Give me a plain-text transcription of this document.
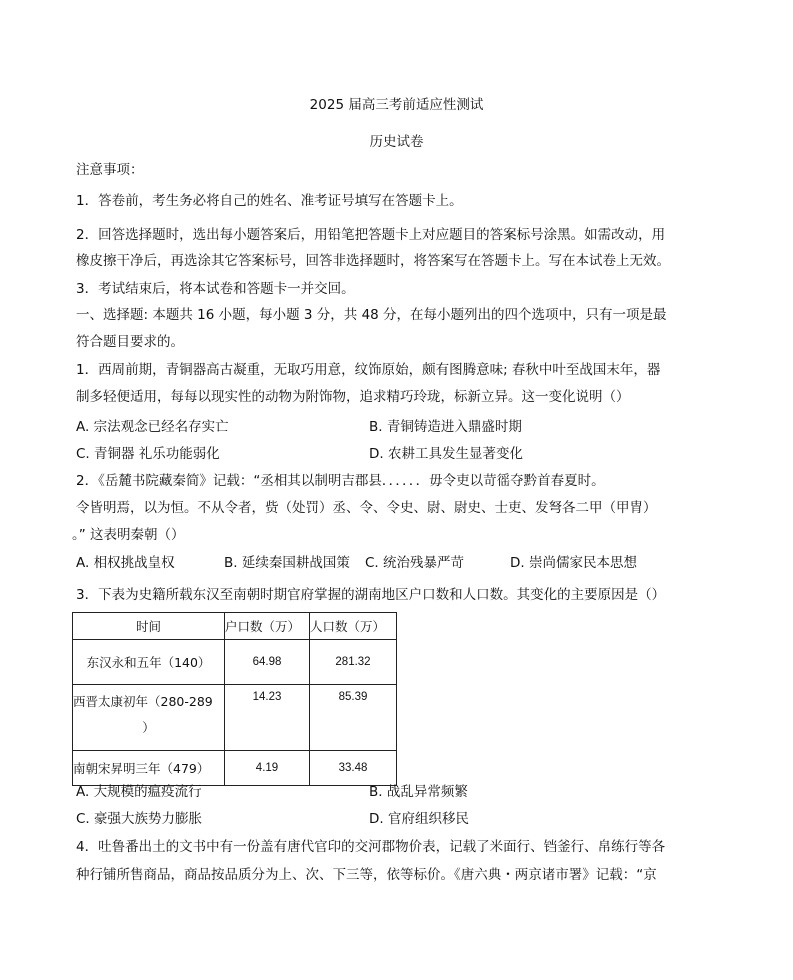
2025 届高三考前适应性测试
历史试卷
注意事项：
1．答卷前，考生务必将自己的姓名、准考证号填写在答题卡上。
2．回答选择题时，选出每小题答案后，用铅笔把答题卡上对应题目的答案标号涂黑。如需改动，用
橡皮擦干净后，再选涂其它答案标号，回答非选择题时，将答案写在答题卡上。写在本试卷上无效。
3．考试结束后，将本试卷和答题卡一并交回。
一、选择题: 本题共 16 小题，每小题 3 分，共 48 分，在每小题列出的四个选项中，只有一项是最
符合题目要求的。
1．西周前期，青铜器高古凝重，无取巧用意，纹饰原始，颇有图腾意味; 春秋中叶至战国末年，器
制多轻便适用，每每以现实性的动物为附饰物，追求精巧玲珑，标新立异。这一变化说明（）
A. 宗法观念已经名存实亡	B. 青铜铸造进入鼎盛时期
C. 青铜器 礼乐功能弱化	D. 农耕工具发生显著变化
2．《岳麓书院藏秦简》记载：“丞相其以制明吉郡县．．．．．．毋令吏以苛徭夺黔首春夏时。
令皆明焉，以为恒。不从令者，赀（处罚）丞、令、令史、尉、尉史、士吏、发弩各二甲（甲胄）
。” 这表明秦朝（）
A. 相权挑战皇权	B. 延续秦国耕战国策 C. 统治残暴严苛	D. 崇尚儒家民本思想
3．下表为史籍所载东汉至南朝时期官府掌握的湖南地区户口数和人口数。其变化的主要原因是（）
时间	户口数（万）	人口数（万）

东汉永和五年（140）	64.98	281.32

西晋太康初年（280-289
）	14.23	85.39

南朝宋昇明三年（479）	4.19	33.48
A. 大规模的瘟疫流行	B. 战乱异常频繁
C. 豪强大族势力膨胀	D. 官府组织移民
4．吐鲁番出土的文书中有一份盖有唐代官印的交河郡物价表，记载了米面行、铛釜行、帛练行等各
种行铺所售商品，商品按品质分为上、次、下三等，依等标价。《唐六典・两京诸市署》记载：“京
